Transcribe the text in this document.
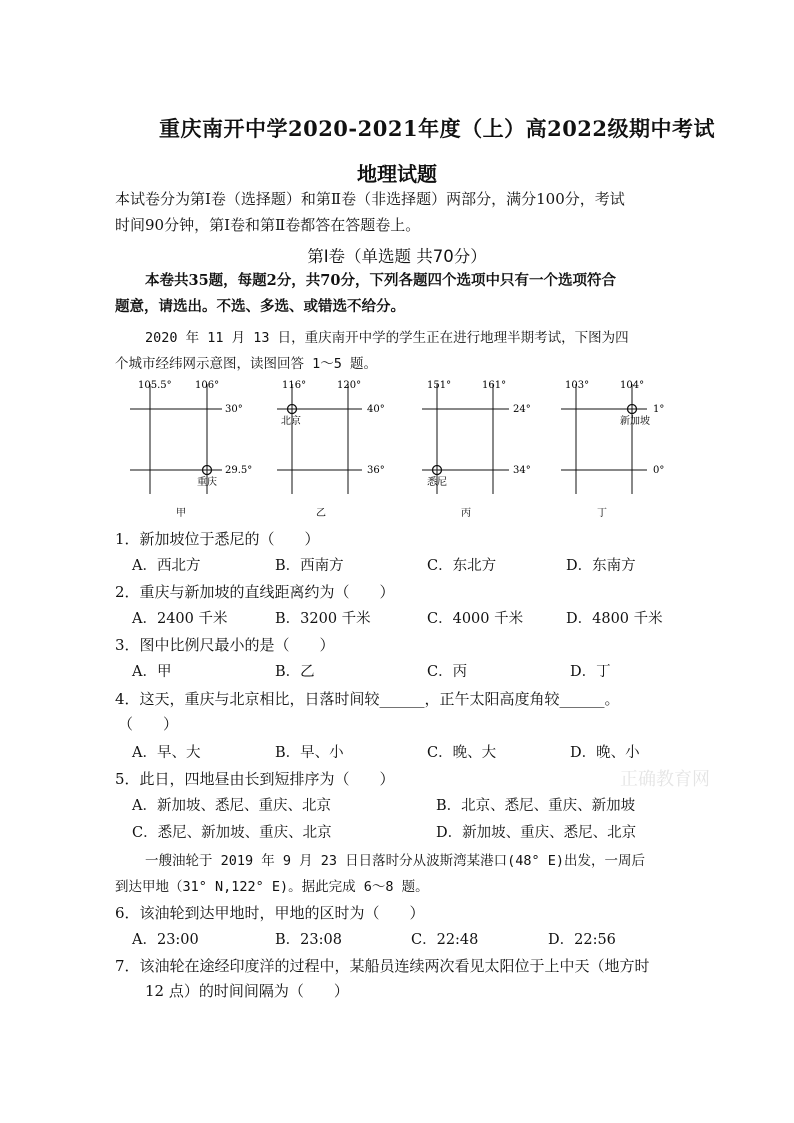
重庆南开中学2020-2021年度（上）高2022级期中考试
地理试题
本试卷分为第Ⅰ卷（选择题）和第Ⅱ卷（非选择题）两部分，满分100分，考试
时间90分钟，第Ⅰ卷和第Ⅱ卷都答在答题卷上。
第Ⅰ卷（单选题 共70分）
本卷共35题，每题2分，共70分，下列各题四个选项中只有一个选项符合
题意，请选出。不选、多选、或错选不给分。
2020 年 11 月 13 日，重庆南开中学的学生正在进行地理半期考试，下图为四
个城市经纬网示意图，读图回答 1～5 题。
105.5° 106°
30°
29.5°
重庆
甲
116°	120°
40°
36°
北京
乙
151°	161°
24°
34°
悉尼
丙
103°	104°
1°
0°
新加坡
丁
1．新加坡位于悉尼的（　　）
A．西北方	B．西南方	C．东北方	D．东南方
2．重庆与新加坡的直线距离约为（　　）
A．2400 千米	B．3200 千米	C．4000 千米	D．4800 千米
3．图中比例尺最小的是（　　）
A．甲	B．乙	C．丙	D．丁
4．这天，重庆与北京相比，日落时间较______，正午太阳高度角较______。
（　　）
A．早、大	B．早、小	C．晚、大	D．晚、小
5．此日，四地昼由长到短排序为（　　）	正确教育网
A．新加坡、悉尼、重庆、北京	B．北京、悉尼、重庆、新加坡
C．悉尼、新加坡、重庆、北京	D．新加坡、重庆、悉尼、北京
一艘油轮于 2019 年 9 月 23 日日落时分从波斯湾某港口(48° E)出发，一周后
到达甲地（31° N,122° E)。据此完成 6～8 题。
6．该油轮到达甲地时，甲地的区时为（　　）
A．23:00	B．23:08	C．22:48	D．22:56
7．该油轮在途经印度洋的过程中，某船员连续两次看见太阳位于上中天（地方时
12 点）的时间间隔为（　　）
